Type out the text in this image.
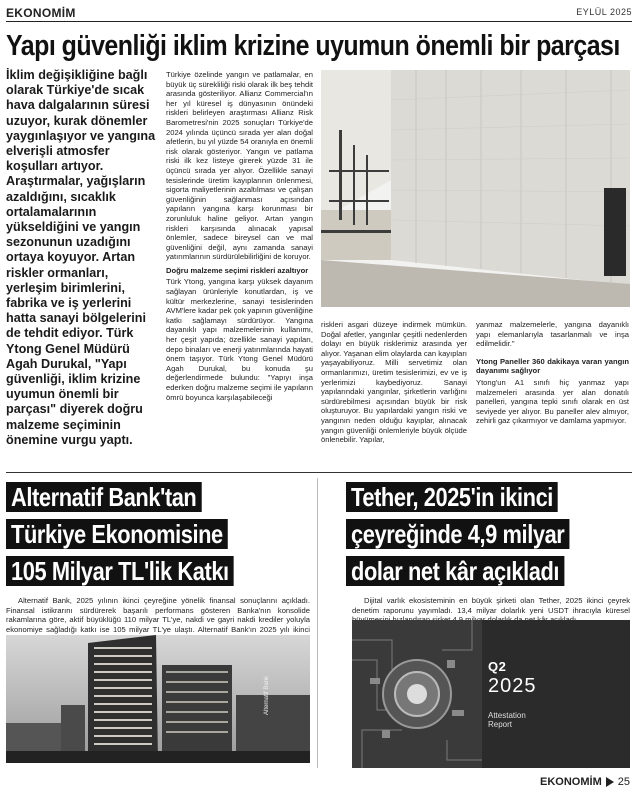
EKONOMİM	EYLÜL 2025
Yapı güvenliği iklim krizine uyumun önemli bir parçası
İklim değişikliğine bağlı olarak Türkiye'de sıcak hava dalgalarının süresi uzuyor, kurak dönemler yaygınlaşıyor ve yangına elverişli atmosfer koşulları artıyor. Araştırmalar, yağışların azaldığını, sıcaklık ortalamalarının yükseldiğini ve yangın sezonunun uzadığını ortaya koyuyor. Artan riskler ormanları, yerleşim birimlerini, fabrika ve iş yerlerini hatta sanayi bölgelerini de tehdit ediyor. Türk Ytong Genel Müdürü Agah Durukal, "Yapı güvenliği, iklim krizine uyumun önemli bir parçası" diyerek doğru malzeme seçiminin önemine vurgu yaptı.

Türkiye özelinde yangın ve patlamalar, en büyük üç sürekliliği riski olarak ilk beş tehdit arasında gösteriliyor. Allianz Commercial'ın her yıl küresel iş dünyasının önündeki riskleri belirleyen araştırması Allianz Risk Barometresi'nin 2025 sonuçları Türkiye'de 2024 yılında üçüncü sırada yer alan doğal afetlerin, bu yıl yüzde 54 oranıyla en önemli risk olarak gösteriyor. Yangın ve patlama riski ilk kez listeye girerek yüzde 31 ile üçüncü sırada yer alıyor. Özellikle sanayi tesislerinde üretim kayıplarının önlenmesi, sigorta maliyetlerinin azaltılması ve çalışan güvenliğinin sağlanması açısından yapıların yangına karşı korunması bir zorunluluk haline geliyor. Artan yangın riskleri karşısında alınacak yapısal önlemler, sadece bireysel can ve mal güvenliğini değil, aynı zamanda sanayi yatırımlarının sürdürülebilirliğini de koruyor.

Doğru malzeme seçimi riskleri azaltıyor

Türk Ytong, yangına karşı yüksek dayanım sağlayan ürünleriyle konutlardan, iş ve kültür merkezlerine, sanayi tesislerinden AVM'lere kadar pek çok yapının güvenliğine katkı sağlamayı sürdürüyor. Yangına dayanıklı yapı malzemelerinin kullanımı, her çeşit yapıda; özellikle sanayi yapıları, depo binaları ve enerji yatırımlarında hayati önem taşıyor. Türk Ytong Genel Müdürü Agah Durukal, bu konuda şu değerlendirmede bulundu: "Yapıyı inşa ederken doğru malzeme seçimi ile yapıların ömrü boyunca karşılaşabileceği

riskleri asgari düzeye indirmek mümkün. Doğal afetler, yangınlar çeşitli nedenlerden dolayı en büyük risklerimiz arasında yer alıyor. Yaşanan elim olaylarda can kayıpları yaşayabiliyoruz. Milli servetimiz olan ormanlarımızı, üretim tesislerimizi, ev ve iş yerlerimizi kaybediyoruz. Sanayi yapılarındaki yangınlar, şirketlerin varlığını sürdürebilmesi açısından büyük bir risk oluşturuyor. Bu yapılardaki yangın riski ve yangının neden olduğu kayıplar, alınacak yangın güvenliği önlemleriyle büyük ölçüde önlenebilir. Yapılar,

yanmaz malzemelerle, yangına dayanıklı yapı elemanlarıyla tasarlanmalı ve inşa edilmelidir."

Ytong Paneller 360 dakikaya varan yangın dayanımı sağlıyor

Ytong'un A1 sınıfı hiç yanmaz yapı malzemeleri arasında yer alan donatılı panelleri, yangına tepki sınıfı olarak en üst seviyede yer alıyor. Bu paneller alev almıyor, zehirli gaz çıkarmıyor ve damlama yapmıyor.

Alternatif Bank'tan
Türkiye Ekonomisine
105 Milyar TL'lik Katkı
Alternatif Bank, 2025 yılının ikinci çeyreğine yönelik finansal sonuçlarını açıkladı. Finansal istikrarını sürdürerek başarılı performans gösteren Banka'nın konsolide rakamlarına göre, aktif büyüklüğü 110 milyar TL'ye, nakdi ve gayri nakdi krediler yoluyla ekonomiye sağladığı katkı ise 105 milyar TL'ye ulaştı. Alternatif Bank'ın 2025 yılı ikinci
Alternatif Bank
Tether, 2025'in ikinci
çeyreğinde 4,9 milyar
dolar net kâr açıkladı
Dijital varlık ekosisteminin en büyük şirketi olan Tether, 2025 ikinci çeyrek denetim raporunu yayımladı. 13,4 milyar dolarlık yeni USDT ihracıyla küresel
Q2
2025
Attestation
Report
EKONOMİM 25
